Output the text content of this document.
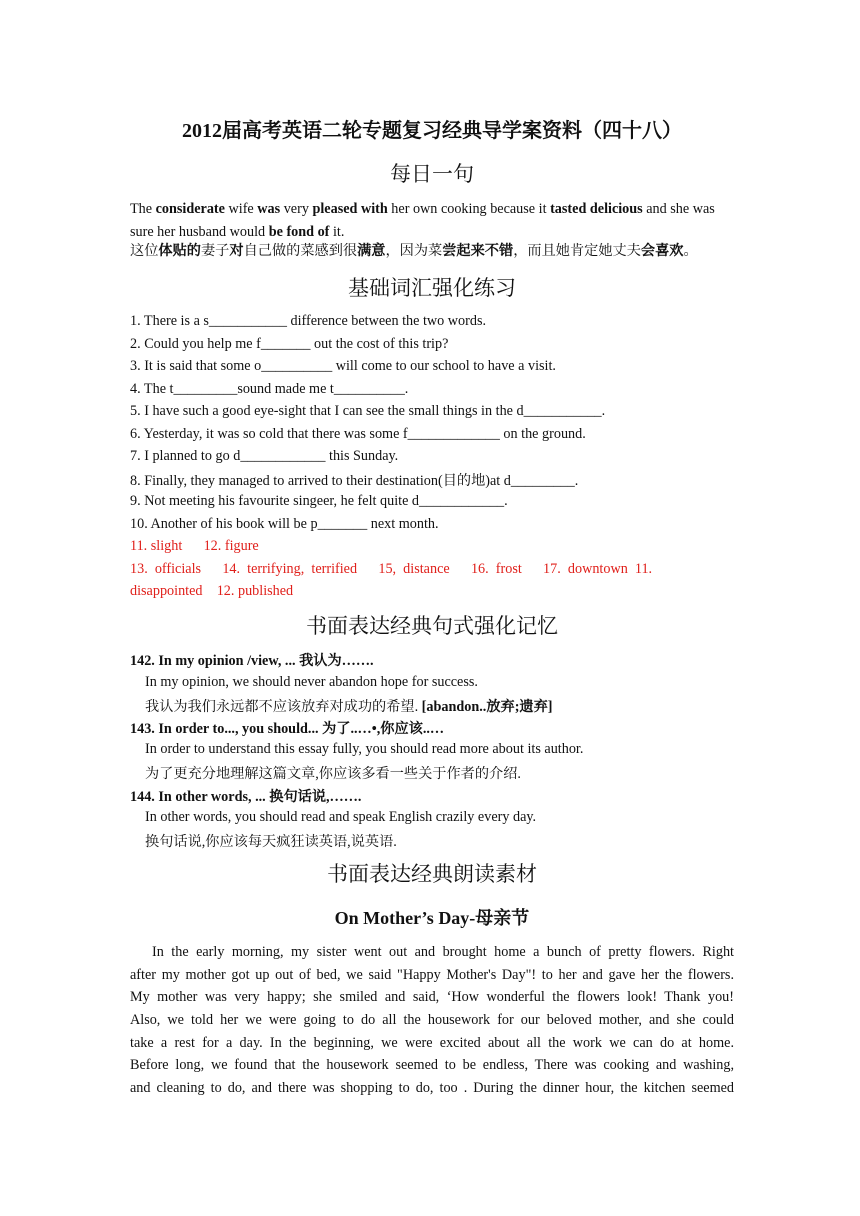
2012届高考英语二轮专题复习经典导学案资料（四十八）
每日一句
The considerate wife was very pleased with her own cooking because it tasted delicious and she was sure her husband would be fond of it.
这位体贴的妻子对自己做的菜感到很满意，因为菜尝起来不错，而且她肯定她丈夫会喜欢。
基础词汇强化练习
1. There is a s___________ difference between the two words.
2. Could you help me f_______ out the cost of this trip?
3. It is said that some o__________ will come to our school to have a visit.
4. The t_________sound made me t__________.
5. I have such a good eye-sight that I can see the small things in the d___________.
6. Yesterday, it was so cold that there was some f_____________ on the ground.
7. I planned to go d____________ this Sunday.
8. Finally, they managed to arrived to their destination(目的地)at d_________.
9. Not meeting his favourite singeer, he felt quite d____________.
10. Another of his book will be p_______ next month.
11. slight      12. figure
13.  officials      14.  terrifying,  terrified      15,  distance      16.  frost      17.  downtown  11.
disappointed    12. published
书面表达经典句式强化记忆
142. In my opinion /view, ... 我认为…….
In my opinion, we should never abandon hope for success.
我认为我们永远都不应该放弃对成功的希望. [abandon..放弃;遗弃]
143. In order to..., you should... 为了..…•,你应该..…
In order to understand this essay fully, you should read more about its author.
为了更充分地理解这篇文章,你应该多看一些关于作者的介绍.
144. In other words, ... 换句话说,…….
In other words, you should read and speak English crazily every day.
换句话说,你应该每天疯狂读英语,说英语.
书面表达经典朗读素材
On Mother’s Day-母亲节
In the early morning, my sister went out and brought home a bunch of pretty flowers. Right
after my mother got up out of bed, we said "Happy Mother's Day"! to her and gave her the flowers.
My mother was very happy; she smiled and said, ‘How wonderful the flowers look! Thank you!
Also, we told her we were going to do all the housework for our beloved mother, and she could
take a rest for a day. In the beginning, we were excited about all the work we can do at home.
Before long, we found that the housework seemed to be endless, There was cooking and washing,
and cleaning to do, and there was shopping to do, too . During the dinner hour, the kitchen seemed
